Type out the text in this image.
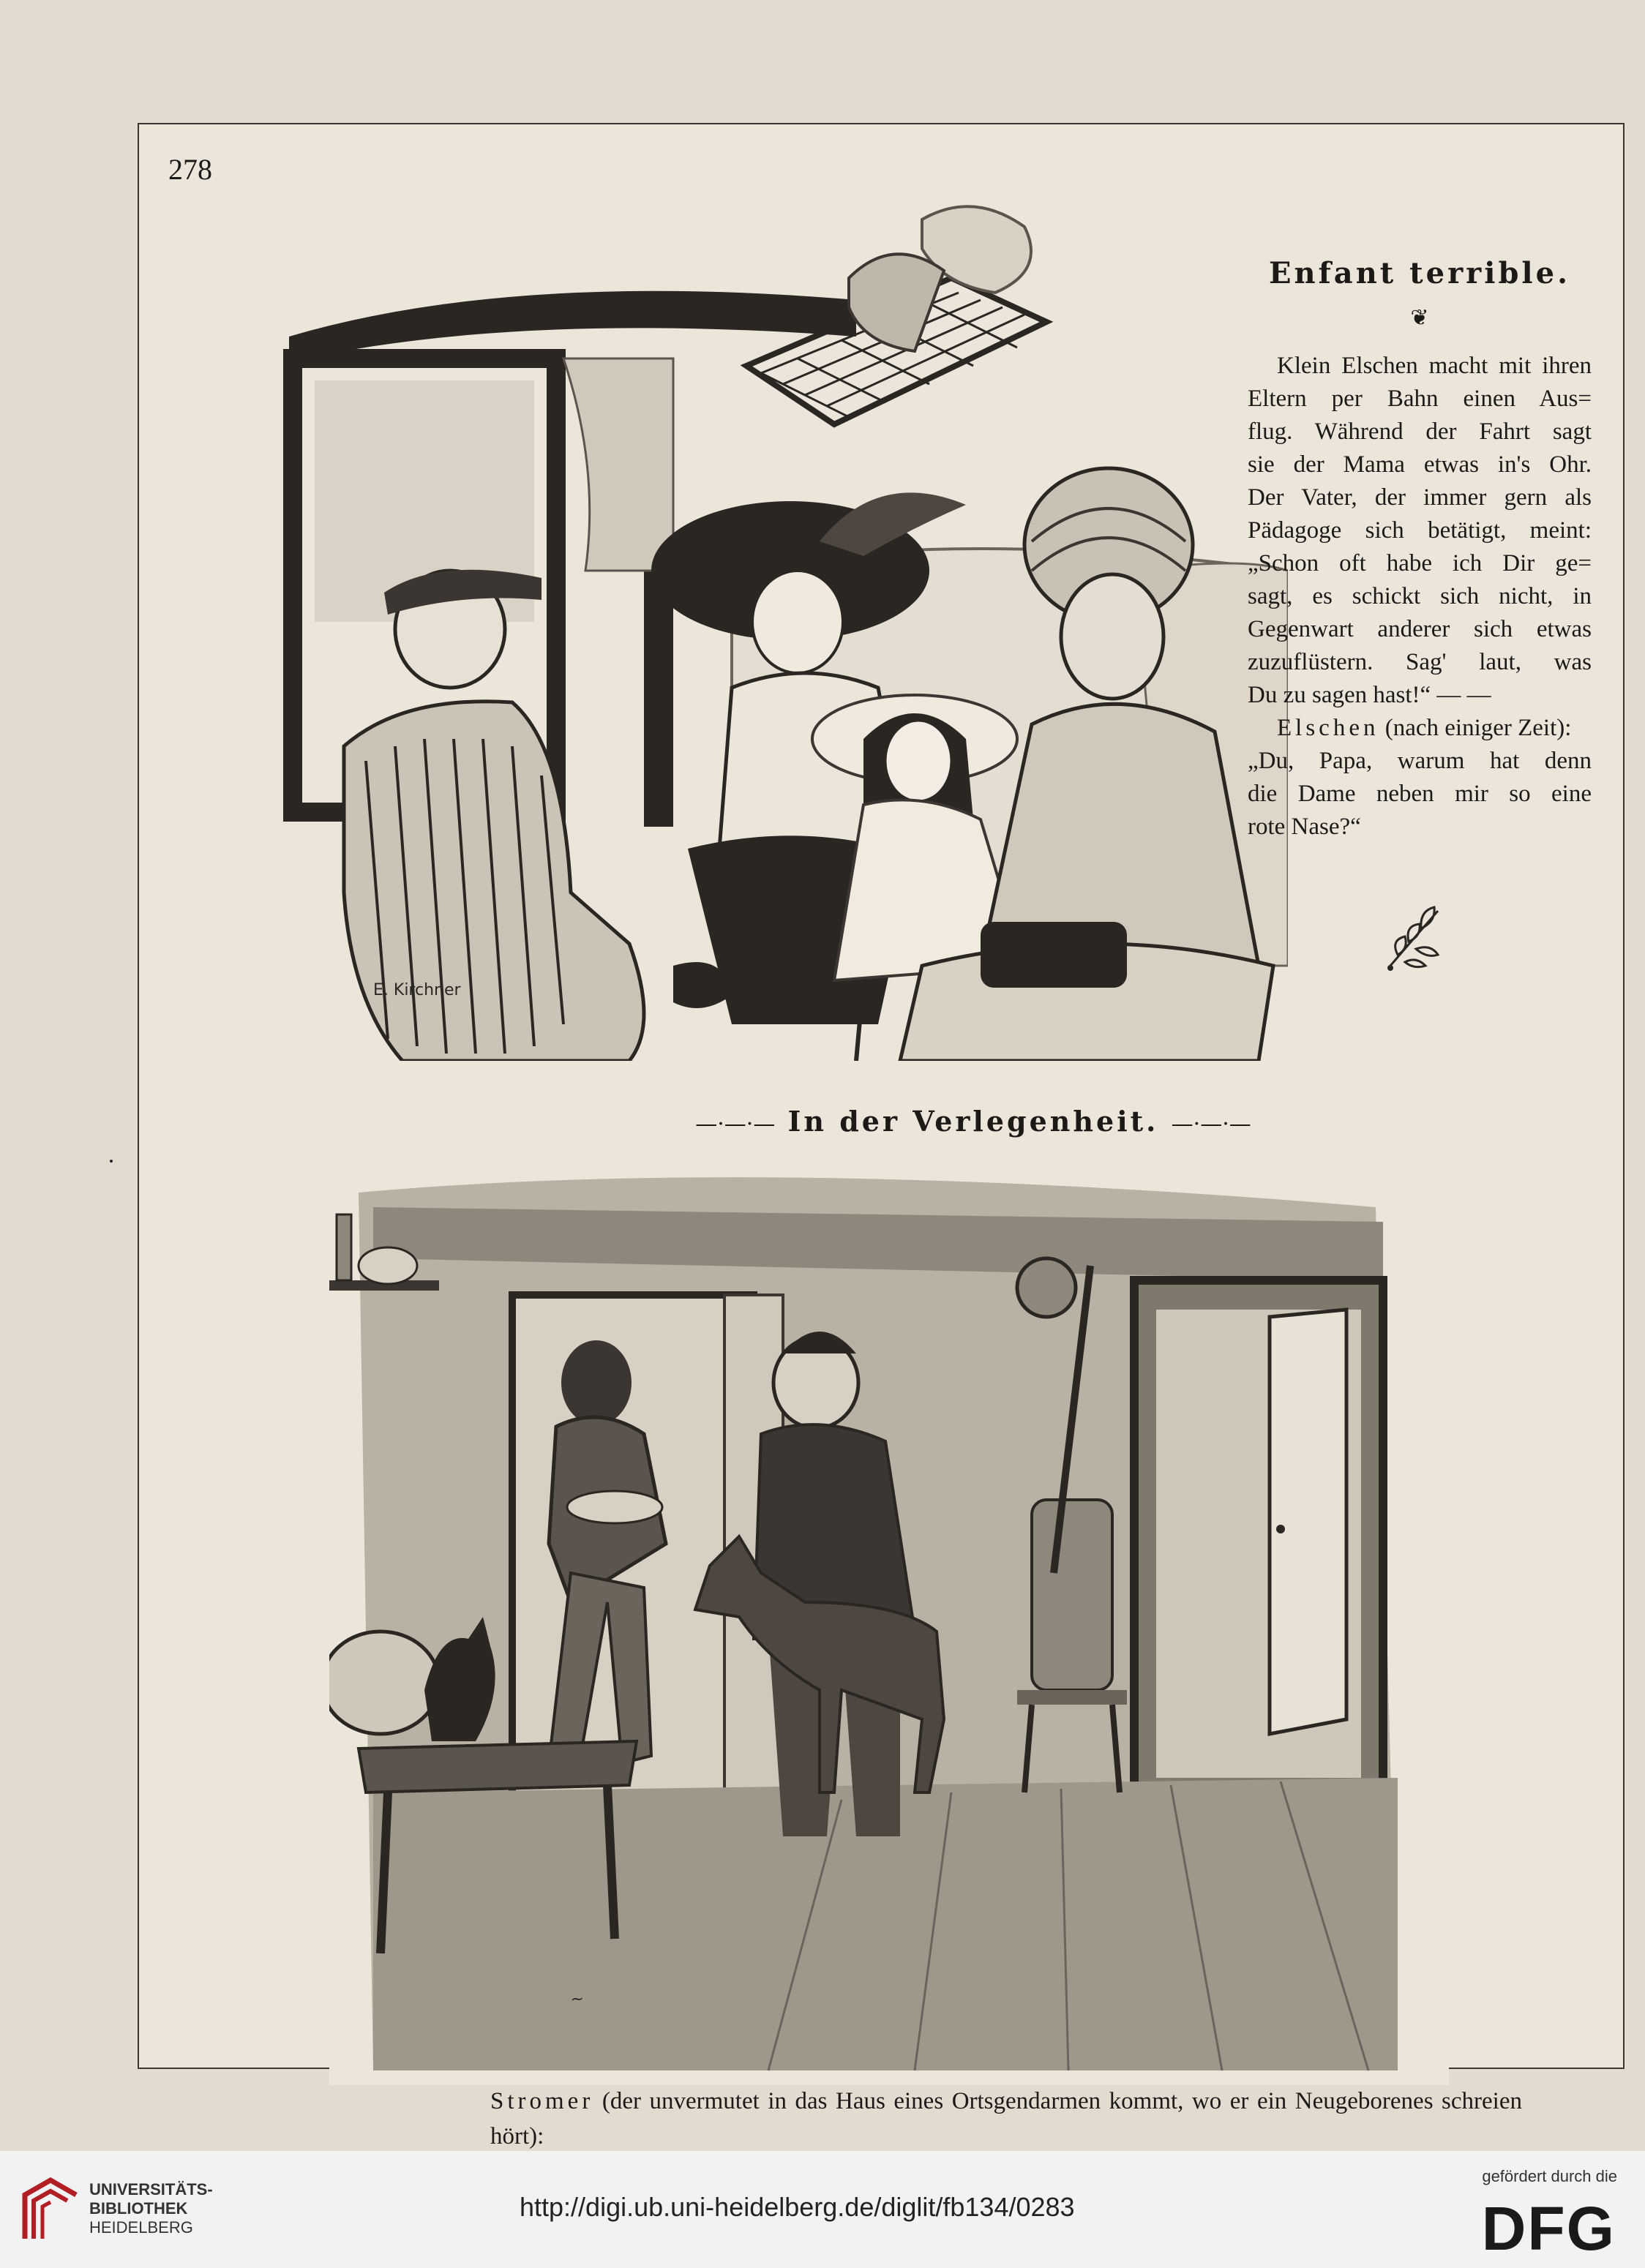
278
E. Kirchner
Enfant terrible.
❦

Klein Elschen macht mit ihren
Eltern per Bahn einen Aus=
flug. Während der Fahrt sagt
sie der Mama etwas in's Ohr.
Der Vater, der immer gern als
Pädagoge sich betätigt, meint:
„Schon oft habe ich Dir ge=
sagt, es schickt sich nicht, in
Gegenwart anderer sich etwas
zuzuflüstern. Sag' laut, was
Du zu sagen hast!“ — —
Elschen (nach einiger Zeit):
„Du, Papa, warum hat denn
die Dame neben mir so eine
rote Nase?“

—·—·— In der Verlegenheit. —·—·—
~
Stromer (der unvermutet in das Haus eines Ortsgendarmen kommt, wo er ein Neugeborenes schreien hört):
UNIVERSITÄTS-
BIBLIOTHEK
HEIDELBERG
http://digi.ub.uni-heidelberg.de/diglit/fb134/0283
gefördert durch die
DFG
